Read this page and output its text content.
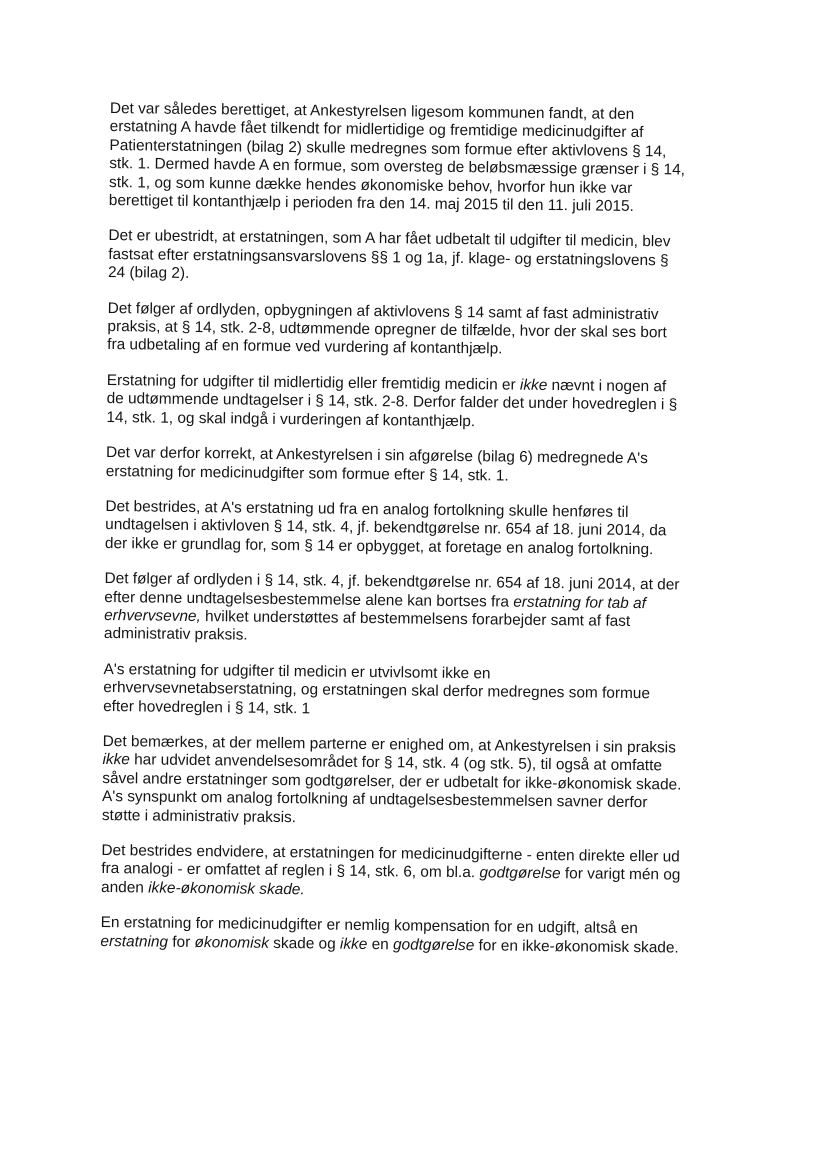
Det var således berettiget, at Ankestyrelsen ligesom kommunen fandt, at den erstatning A havde fået tilkendt for midlertidige og fremtidige medicinudgifter af Patienterstatningen (bilag 2) skulle medregnes som formue efter aktivlovens § 14, stk. 1. Dermed havde A en formue, som oversteg de beløbsmæssige grænser i § 14, stk. 1, og som kunne dække hendes økonomiske behov, hvorfor hun ikke var berettiget til kontanthjælp i perioden fra den 14. maj 2015 til den 11. juli 2015.

Det er ubestridt, at erstatningen, som A har fået udbetalt til udgifter til medicin, blev fastsat efter erstatningsansvarslovens §§ 1 og 1a, jf. klage- og erstatningslovens § 24 (bilag 2).

Det følger af ordlyden, opbygningen af aktivlovens § 14 samt af fast administrativ praksis, at § 14, stk. 2-8, udtømmende opregner de tilfælde, hvor der skal ses bort fra udbetaling af en formue ved vurdering af kontanthjælp.

Erstatning for udgifter til midlertidig eller fremtidig medicin er ikke nævnt i nogen af de udtømmende undtagelser i § 14, stk. 2-8. Derfor falder det under hovedreglen i § 14, stk. 1, og skal indgå i vurderingen af kontanthjælp.

Det var derfor korrekt, at Ankestyrelsen i sin afgørelse (bilag 6) medregnede A's erstatning for medicinudgifter som formue efter § 14, stk. 1.

Det bestrides, at A's erstatning ud fra en analog fortolkning skulle henføres til undtagelsen i aktivloven § 14, stk. 4, jf. bekendtgørelse nr. 654 af 18. juni 2014, da der ikke er grundlag for, som § 14 er opbygget, at foretage en analog fortolkning.

Det følger af ordlyden i § 14, stk. 4, jf. bekendtgørelse nr. 654 af 18. juni 2014, at der efter denne undtagelsesbestemmelse alene kan bortses fra erstatning for tab af erhvervsevne, hvilket understøttes af bestemmelsens forarbejder samt af fast administrativ praksis.

A's erstatning for udgifter til medicin er utvivlsomt ikke en erhvervsevnetabserstatning, og erstatningen skal derfor medregnes som formue efter hovedreglen i § 14, stk. 1

Det bemærkes, at der mellem parterne er enighed om, at Ankestyrelsen i sin praksis ikke har udvidet anvendelsesområdet for § 14, stk. 4 (og stk. 5), til også at omfatte såvel andre erstatninger som godtgørelser, der er udbetalt for ikke-økonomisk skade. A's synspunkt om analog fortolkning af undtagelsesbestemmelsen savner derfor støtte i administrativ praksis.

Det bestrides endvidere, at erstatningen for medicinudgifterne - enten direkte eller ud fra analogi - er omfattet af reglen i § 14, stk. 6, om bl.a. godtgørelse for varigt mén og anden ikke-økonomisk skade.

En erstatning for medicinudgifter er nemlig kompensation for en udgift, altså en erstatning for økonomisk skade og ikke en godtgørelse for en ikke-økonomisk skade.
